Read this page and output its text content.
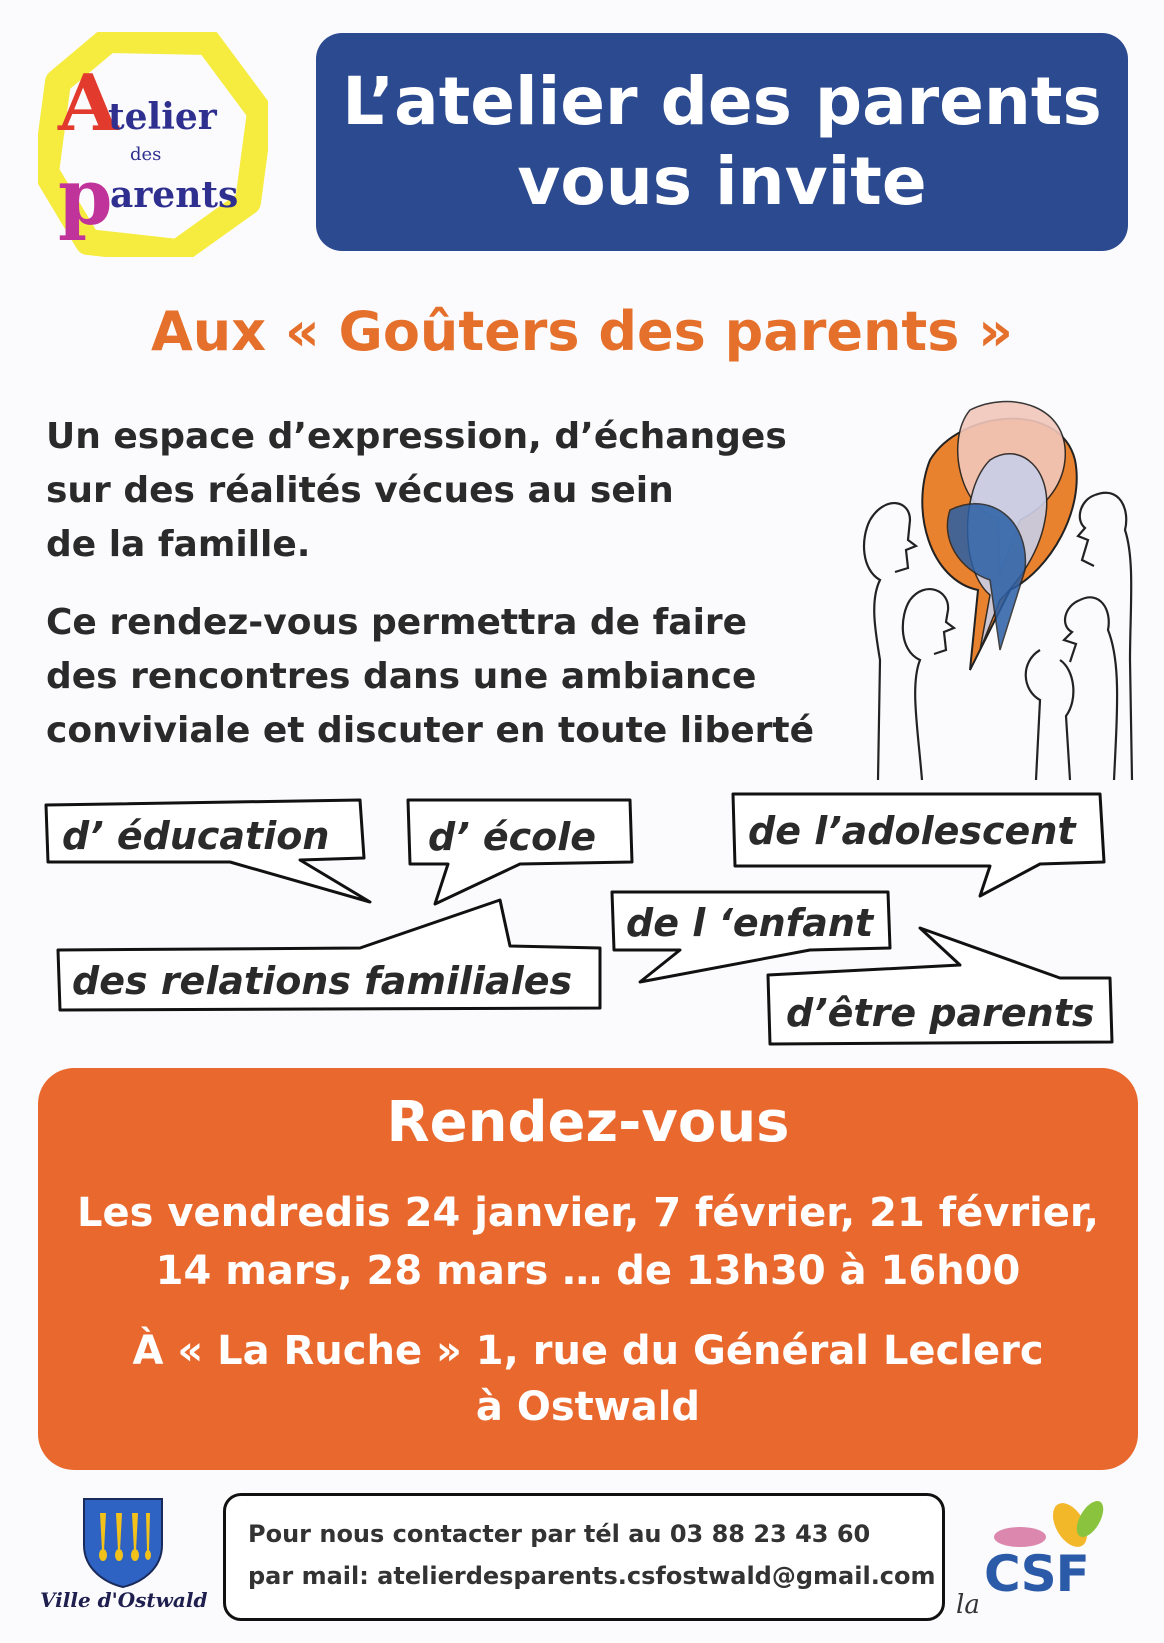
A
telier
des
p
arents
L’atelier des parents
vous invite
Aux « Goûters des parents »
Un espace d’expression, d’échanges
sur des réalités vécues au sein
de la famille.
Ce rendez-vous permettra de faire
des rencontres dans une ambiance
conviviale et discuter en toute liberté
d’ éducation	d’ école	de l’adolescent
de l ‘enfant
des relations familiales
d’être parents
Rendez-vous
Les vendredis 24 janvier, 7 février, 21 février,
14 mars, 28 mars … de 13h30 à 16h00
À « La Ruche » 1, rue du Général Leclerc
à Ostwald
Ville d'Ostwald
Pour nous contacter par tél au 03 88 23 43 60
par mail: atelierdesparents.csfostwald@gmail.com CSF
la
